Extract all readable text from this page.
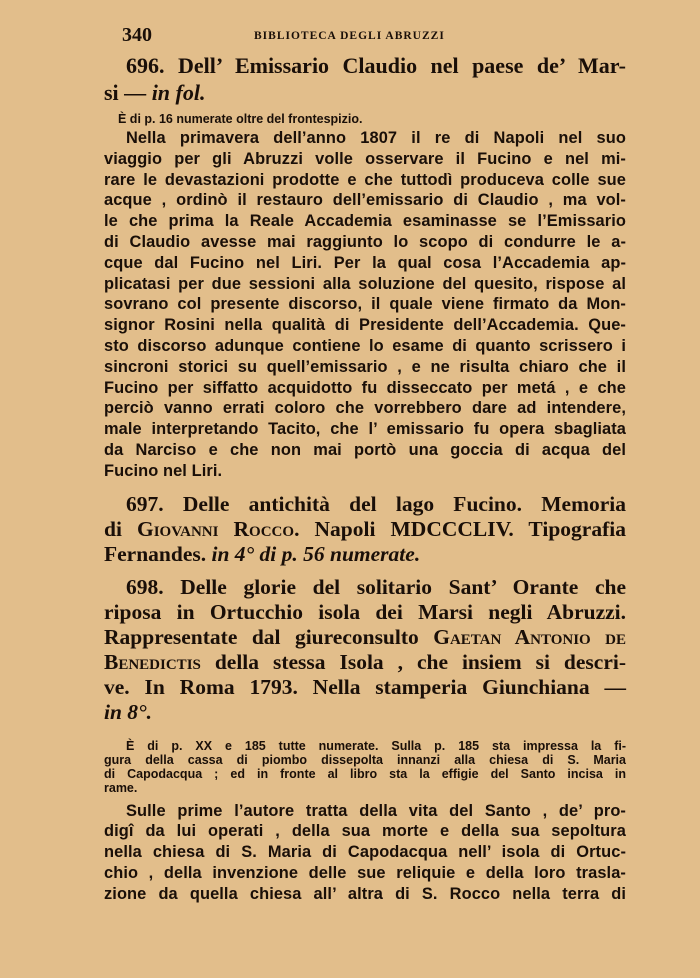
340	BIBLIOTECA DEGLI ABRUZZI
696. Dell’ Emissario Claudio nel paese de’ Mar-
si — in fol.

È di p. 16 numerate oltre del frontespizio.

Nella primavera dell’anno 1807 il re di Napoli nel suo
viaggio per gli Abruzzi volle osservare il Fucino e nel mi-
rare le devastazioni prodotte e che tuttodì produceva colle sue
acque , ordinò il restauro dell’emissario di Claudio , ma vol-
le che prima la Reale Accademia esaminasse se l’Emissario
di Claudio avesse mai raggiunto lo scopo di condurre le a-
cque dal Fucino nel Liri. Per la qual cosa l’Accademia ap-
plicatasi per due sessioni alla soluzione del quesito, rispose al
sovrano col presente discorso, il quale viene firmato da Mon-
signor Rosini nella qualità di Presidente dell’Accademia. Que-
sto discorso adunque contiene lo esame di quanto scrissero i
sincroni storici su quell’emissario , e ne risulta chiaro che il
Fucino per siffatto acquidotto fu disseccato per metá , e che
perciò vanno errati coloro che vorrebbero dare ad intendere,
male interpretando Tacito, che l’ emissario fu opera sbagliata
da Narciso e che non mai portò una goccia di acqua del
Fucino nel Liri.
697. Delle antichità del lago Fucino. Memoria
di Giovanni Rocco. Napoli MDCCCLIV. Tipografia
Fernandes. in 4° di p. 56 numerate.
698. Delle glorie del solitario Sant’ Orante che
riposa in Ortucchio isola dei Marsi negli Abruzzi.
Rappresentate dal giureconsulto Gaetan Antonio de
Benedictis della stessa Isola , che insiem si descri-
ve. In Roma 1793. Nella stamperia Giunchiana —
in 8°.
È di p. XX e 185 tutte numerate. Sulla p. 185 sta impressa la fi-
gura della cassa di piombo dissepolta innanzi alla chiesa di S. Maria
di Capodacqua ; ed in fronte al libro sta la effigie del Santo incisa in
rame.
Sulle prime l’autore tratta della vita del Santo , de’ pro-
digî da lui operati , della sua morte e della sua sepoltura
nella chiesa di S. Maria di Capodacqua nell’ isola di Ortuc-
chio , della invenzione delle sue reliquie e della loro trasla-
zione da quella chiesa all’ altra di S. Rocco nella terra di
